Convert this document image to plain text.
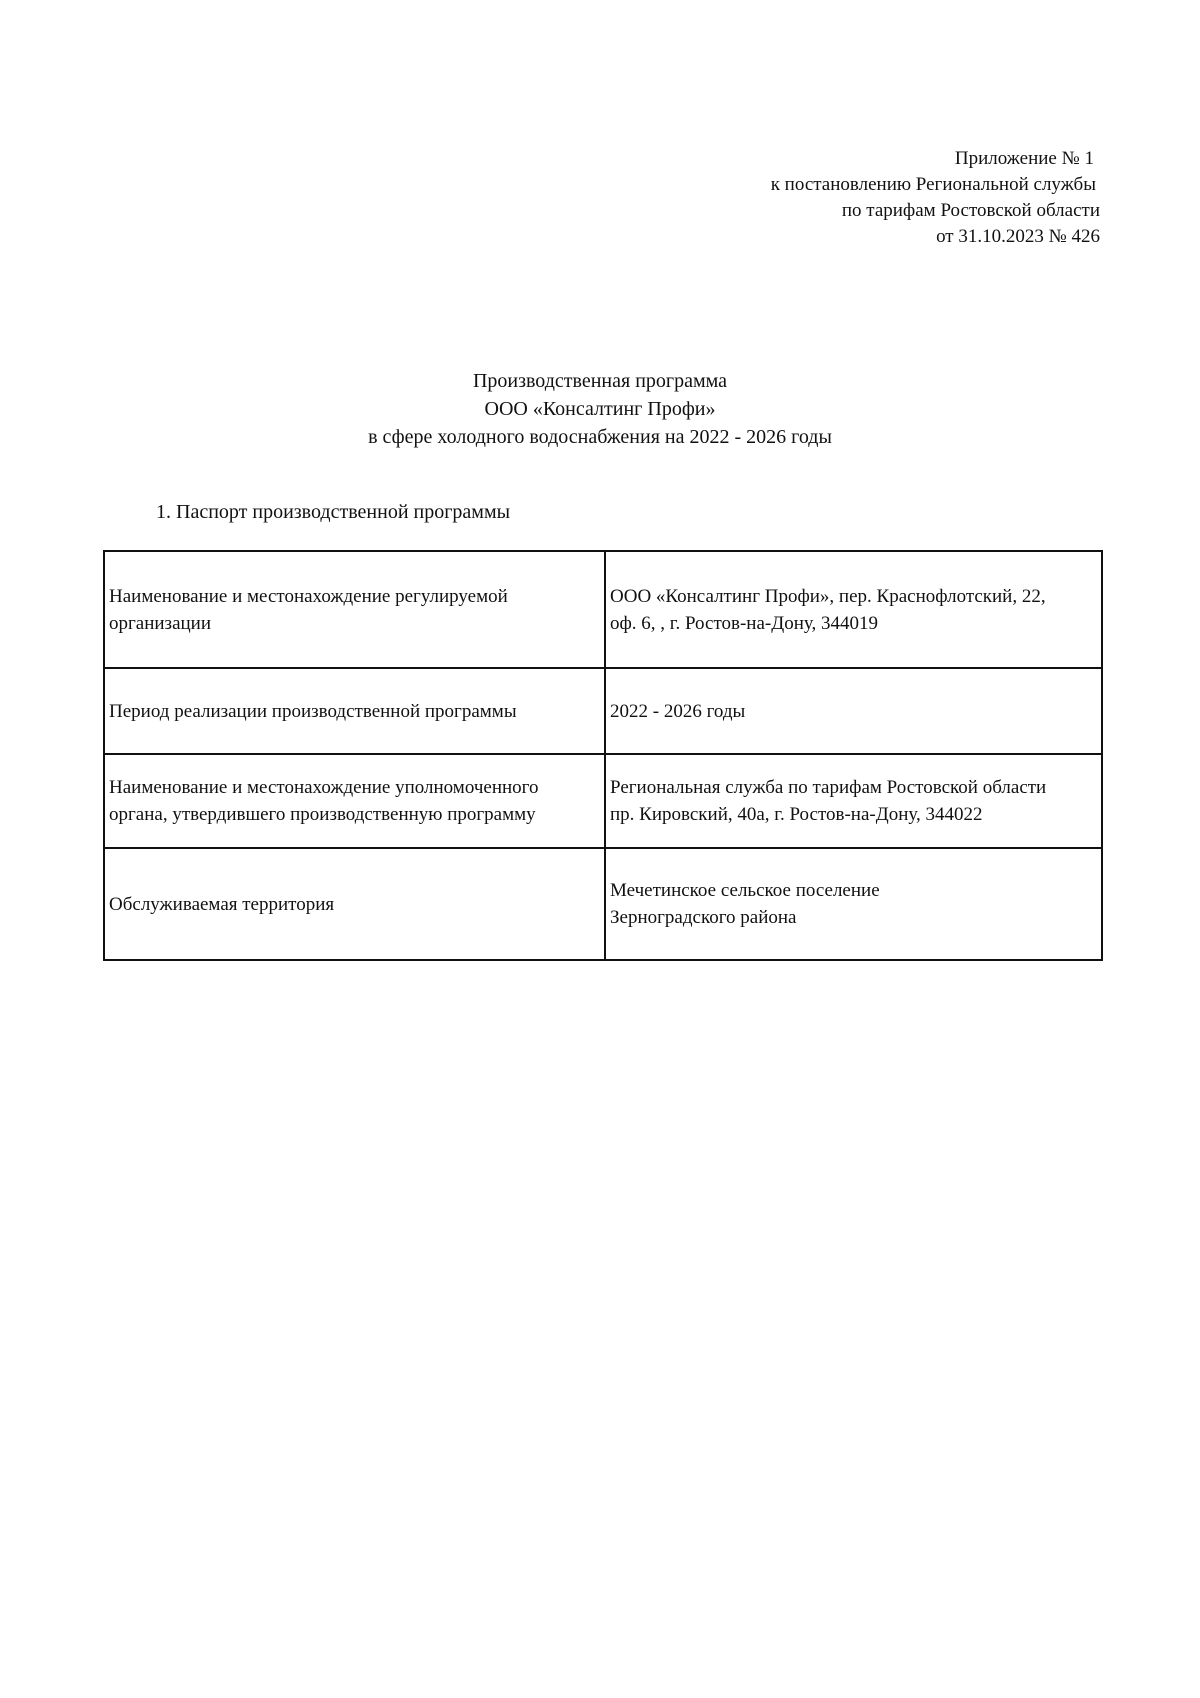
Приложение № 1
к постановлению Региональной службы
по тарифам Ростовской области
от 31.10.2023 № 426
Производственная программа
ООО «Консалтинг Профи»
в сфере холодного водоснабжения на 2022 - 2026 годы
1. Паспорт производственной программы
Наименование и местонахождение регулируемой
организации	ООО «Консалтинг Профи», пер. Краснофлотский, 22,
оф. 6, , г. Ростов-на-Дону, 344019

Период реализации производственной программы	2022 - 2026 годы

Наименование и местонахождение уполномоченного
органа, утвердившего производственную программу	Региональная служба по тарифам Ростовской области
пр. Кировский, 40а, г. Ростов-на-Дону, 344022

Обслуживаемая территория	Мечетинское сельское поселение
Зерноградского района
